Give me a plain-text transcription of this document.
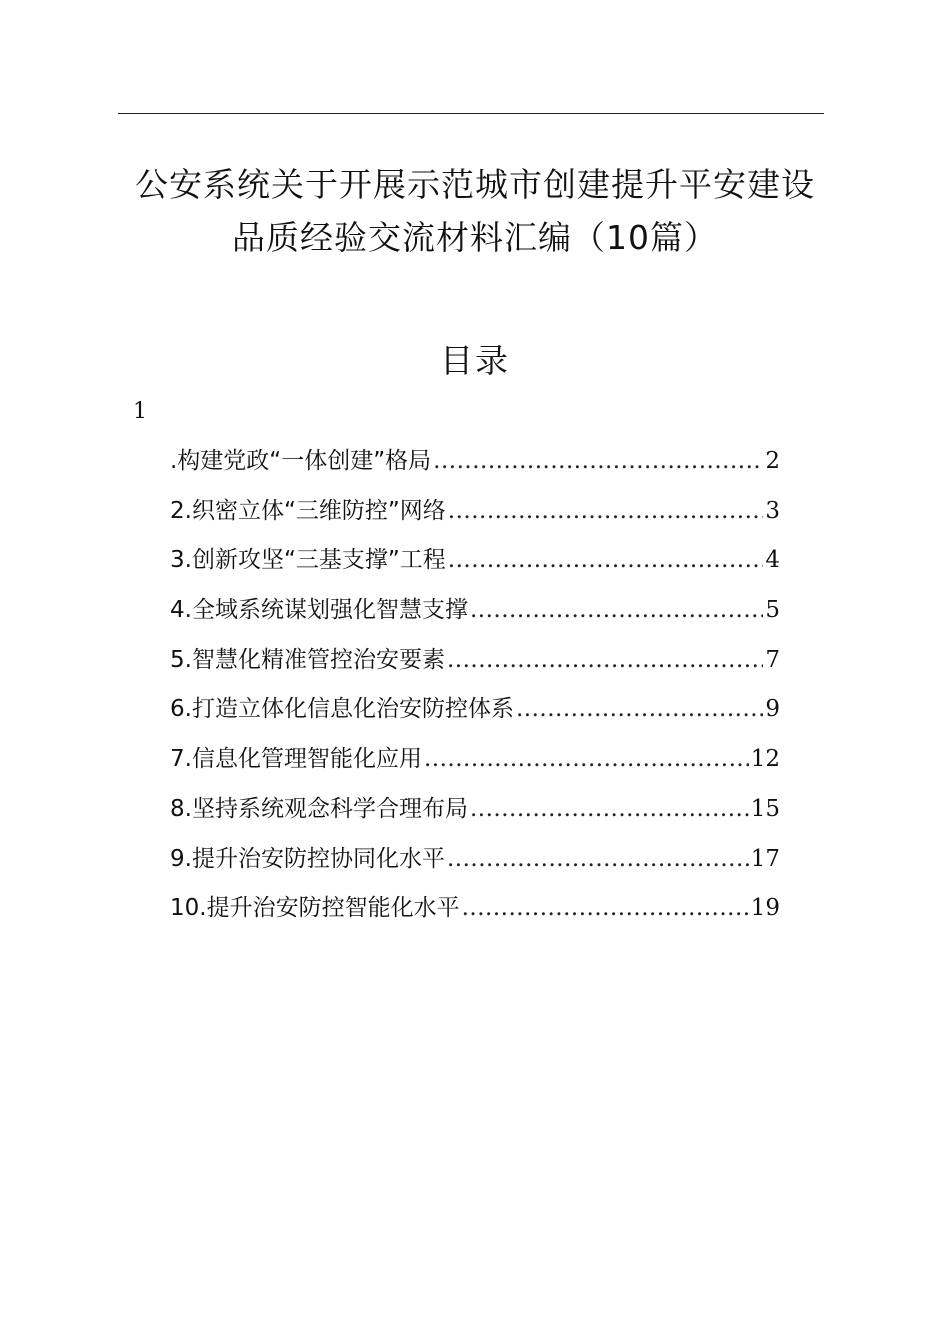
公安系统关于开展示范城市创建提升平安建设
品质经验交流材料汇编（10篇）
目录
1
.构建党政“一体创建”格局 .....	2
2.织密立体“三维防控”网络 .....	3
3.创新攻坚“三基支撑”工程 .....	4
4.全域系统谋划强化智慧支撑 .....	5
5.智慧化精准管控治安要素 .....	7
6.打造立体化信息化治安防控体系 .....	9
7.信息化管理智能化应用 .....	12
8.坚持系统观念科学合理布局 .....	15
9.提升治安防控协同化水平 .....	17
10.提升治安防控智能化水平 .....	19
